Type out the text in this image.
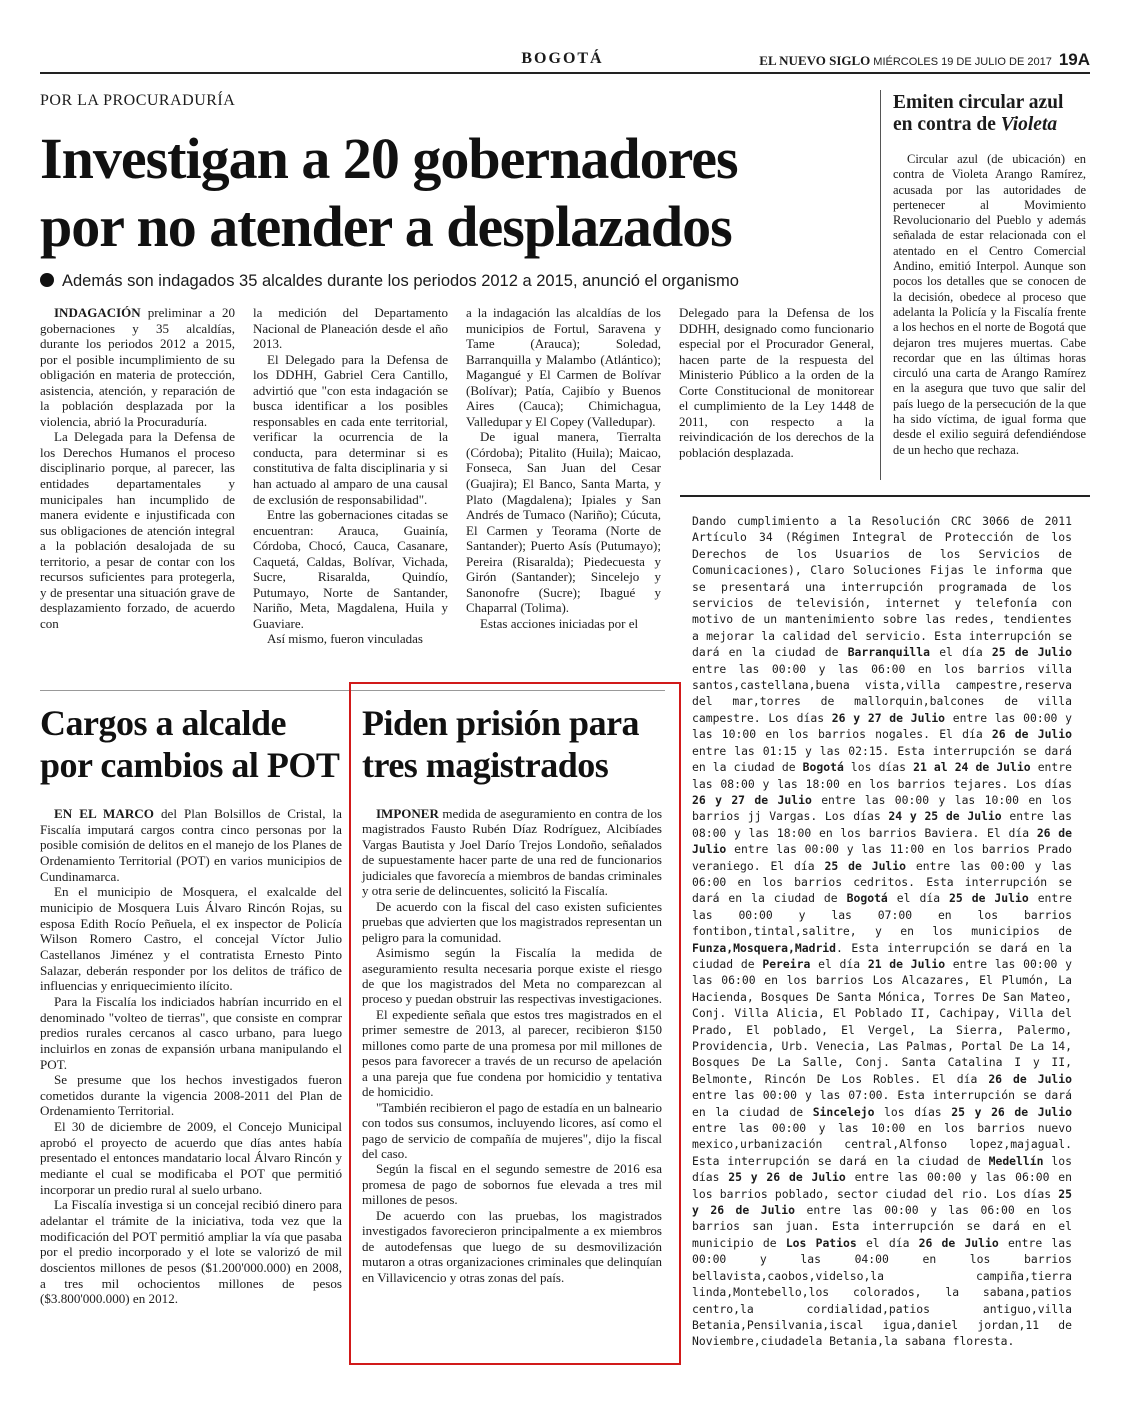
BOGOTÁ	EL NUEVO SIGLO MIÉRCOLES 19 DE JULIO DE 2017 19A
POR LA PROCURADURÍA
Investigan a 20 gobernadores
por no atender a desplazados
Además son indagados 35 alcaldes durante los periodos 2012 a 2015, anunció el organismo

INDAGACIÓN preliminar a 20 gobernaciones y 35 alcaldías, durante los periodos 2012 a 2015, por el posible incumplimiento de su obligación en materia de protección, asistencia, atención, y reparación de la población desplazada por la violencia, abrió la Procuraduría.

La Delegada para la Defensa de los Derechos Humanos el proceso disciplinario porque, al parecer, las entidades departamentales y municipales han incumplido de manera evidente e injustificada con sus obligaciones de atención integral a la población desalojada de su territorio, a pesar de contar con los recursos suficientes para protegerla, y de presentar una situación grave de desplazamiento forzado, de acuerdo con

la medición del Departamento Nacional de Planeación desde el año 2013.

El Delegado para la Defensa de los DDHH, Gabriel Cera Cantillo, advirtió que "con esta indagación se busca identificar a los posibles responsables en cada ente territorial, verificar la ocurrencia de la conducta, para determinar si es constitutiva de falta disciplinaria y si han actuado al amparo de una causal de exclusión de responsabilidad".

Entre las gobernaciones citadas se encuentran: Arauca, Guainía, Córdoba, Chocó, Cauca, Casanare, Caquetá, Caldas, Bolívar, Vichada, Sucre, Risaralda, Quindío, Putumayo, Norte de Santander, Nariño, Meta, Magdalena, Huila y Guaviare.

Así mismo, fueron vinculadas

a la indagación las alcaldías de los municipios de Fortul, Saravena y Tame (Arauca); Soledad, Barranquilla y Malambo (Atlántico); Magangué y El Carmen de Bolívar (Bolívar); Patía, Cajibío y Buenos Aires (Cauca); Chimichagua, Valledupar y El Copey (Valledupar).

De igual manera, Tierralta (Córdoba); Pitalito (Huila); Maicao, Fonseca, San Juan del Cesar (Guajira); El Banco, Santa Marta, y Plato (Magdalena); Ipiales y San Andrés de Tumaco (Nariño); Cúcuta, El Carmen y Teorama (Norte de Santander); Puerto Asís (Putumayo); Pereira (Risaralda); Piedecuesta y Girón (Santander); Sincelejo y Sanonofre (Sucre); Ibagué y Chaparral (Tolima).

Estas acciones iniciadas por el

Delegado para la Defensa de los DDHH, designado como funcionario especial por el Procurador General, hacen parte de la respuesta del Ministerio Público a la orden de la Corte Constitucional de monitorear el cumplimiento de la Ley 1448 de 2011, con respecto a la reivindicación de los derechos de la población desplazada.

Emiten circular azul
en contra de Violeta
Circular azul (de ubicación) en contra de Violeta Arango Ramírez, acusada por las autoridades de pertenecer al Movimiento Revolucionario del Pueblo y además señalada de estar relacionada con el atentado en el Centro Comercial Andino, emitió Interpol. Aunque son pocos los detalles que se conocen de la decisión, obedece al proceso que adelanta la Policía y la Fiscalía frente a los hechos en el norte de Bogotá que dejaron tres mujeres muertas. Cabe recordar que en las últimas horas circuló una carta de Arango Ramírez en la asegura que tuvo que salir del país luego de la persecución de la que ha sido víctima, de igual forma que desde el exilio seguirá defendiéndose de un hecho que rechaza.
Cargos a alcalde
por cambios al POT

EN EL MARCO del Plan Bolsillos de Cristal, la Fiscalía imputará cargos contra cinco personas por la posible comisión de delitos en el manejo de los Planes de Ordenamiento Territorial (POT) en varios municipios de Cundinamarca.

En el municipio de Mosquera, el exalcalde del municipio de Mosquera Luis Álvaro Rincón Rojas, su esposa Edith Rocío Peñuela, el ex inspector de Policía Wilson Romero Castro, el concejal Víctor Julio Castellanos Jiménez y el contratista Ernesto Pinto Salazar, deberán responder por los delitos de tráfico de influencias y enriquecimiento ilícito.

Para la Fiscalía los indiciados habrían incurrido en el denominado "volteo de tierras", que consiste en comprar predios rurales cercanos al casco urbano, para luego incluirlos en zonas de expansión urbana manipulando el POT.

Se presume que los hechos investigados fueron cometidos durante la vigencia 2008-2011 del Plan de Ordenamiento Territorial.

El 30 de diciembre de 2009, el Concejo Municipal aprobó el proyecto de acuerdo que días antes había presentado el entonces mandatario local Álvaro Rincón y mediante el cual se modificaba el POT que permitió incorporar un predio rural al suelo urbano.

La Fiscalía investiga si un concejal recibió dinero para adelantar el trámite de la iniciativa, toda vez que la modificación del POT permitió ampliar la vía que pasaba por el predio incorporado y el lote se valorizó de mil doscientos millones de pesos ($1.200'000.000) en 2008, a tres mil ochocientos millones de pesos ($3.800'000.000) en 2012.

Piden prisión para
tres magistrados

IMPONER medida de aseguramiento en contra de los magistrados Fausto Rubén Díaz Rodríguez, Alcibíades Vargas Bautista y Joel Darío Trejos Londoño, señalados de supuestamente hacer parte de una red de funcionarios judiciales que favorecía a miembros de bandas criminales y otra serie de delincuentes, solicitó la Fiscalía.

De acuerdo con la fiscal del caso existen suficientes pruebas que advierten que los magistrados representan un peligro para la comunidad.

Asimismo según la Fiscalía la medida de aseguramiento resulta necesaria porque existe el riesgo de que los magistrados del Meta no comparezcan al proceso y puedan obstruir las respectivas investigaciones.

El expediente señala que estos tres magistrados en el primer semestre de 2013, al parecer, recibieron $150 millones como parte de una promesa por mil millones de pesos para favorecer a través de un recurso de apelación a una pareja que fue condena por homicidio y tentativa de homicidio.

"También recibieron el pago de estadía en un balneario con todos sus consumos, incluyendo licores, así como el pago de servicio de compañía de mujeres", dijo la fiscal del caso.

Según la fiscal en el segundo semestre de 2016 esa promesa de pago de sobornos fue elevada a tres mil millones de pesos.

De acuerdo con las pruebas, los magistrados investigados favorecieron principalmente a ex miembros de autodefensas que luego de su desmovilización mutaron a otras organizaciones criminales que delinquían en Villavicencio y otras zonas del país.

Dando cumplimiento a la Resolución CRC 3066 de 2011 Artículo 34 (Régimen Integral de Protección de los Derechos de los Usuarios de los Servicios de Comunicaciones), Claro Soluciones Fijas le informa que se presentará una interrupción programada de los servicios de televisión, internet y telefonía con motivo de un mantenimiento sobre las redes, tendientes a mejorar la calidad del servicio. Esta interrupción se dará en la ciudad de Barranquilla el día 25 de Julio entre las 00:00 y las 06:00 en los barrios villa santos,castellana,buena vista,villa campestre,reserva del mar,torres de mallorquin,balcones de villa campestre. Los días 26 y 27 de Julio entre las 00:00 y las 10:00 en los barrios nogales. El día 26 de Julio entre las 01:15 y las 02:15. Esta interrupción se dará en la ciudad de Bogotá los días 21 al 24 de Julio entre las 08:00 y las 18:00 en los barrios tejares. Los días 26 y 27 de Julio entre las 00:00 y las 10:00 en los barrios jj Vargas. Los días 24 y 25 de Julio entre las 08:00 y las 18:00 en los barrios Baviera. El día 26 de Julio entre las 00:00 y las 11:00 en los barrios Prado veraniego. El día 25 de Julio entre las 00:00 y las 06:00 en los barrios cedritos. Esta interrupción se dará en la ciudad de Bogotá el día 25 de Julio entre las 00:00 y las 07:00 en los barrios fontibon,tintal,salitre, y en los municipios de Funza,Mosquera,Madrid. Esta interrupción se dará en la ciudad de Pereira el día 21 de Julio entre las 00:00 y las 06:00 en los barrios Los Alcazares, El Plumón, La Hacienda, Bosques De Santa Mónica, Torres De San Mateo, Conj. Villa Alicia, El Poblado II, Cachipay, Villa del Prado, El poblado, El Vergel, La Sierra, Palermo, Providencia, Urb. Venecia, Las Palmas, Portal De La 14, Bosques De La Salle, Conj. Santa Catalina I y II, Belmonte, Rincón De Los Robles. El día 26 de Julio entre las 00:00 y las 07:00. Esta interrupción se dará en la ciudad de Sincelejo los días 25 y 26 de Julio entre las 00:00 y las 10:00 en los barrios nuevo mexico,urbanización central,Alfonso lopez,majagual. Esta interrupción se dará en la ciudad de Medellín los días 25 y 26 de Julio entre las 00:00 y las 06:00 en los barrios poblado, sector ciudad del rio. Los días 25 y 26 de Julio entre las 00:00 y las 06:00 en los barrios san juan. Esta interrupción se dará en el municipio de Los Patios el día 26 de Julio entre las 00:00 y las 04:00 en los barrios bellavista,caobos,videlso,la campiña,tierra linda,Montebello,los colorados, la sabana,patios centro,la cordialidad,patios antiguo,villa Betania,Pensilvania,iscal igua,daniel jordan,11 de Noviembre,ciudadela Betania,la sabana floresta.
